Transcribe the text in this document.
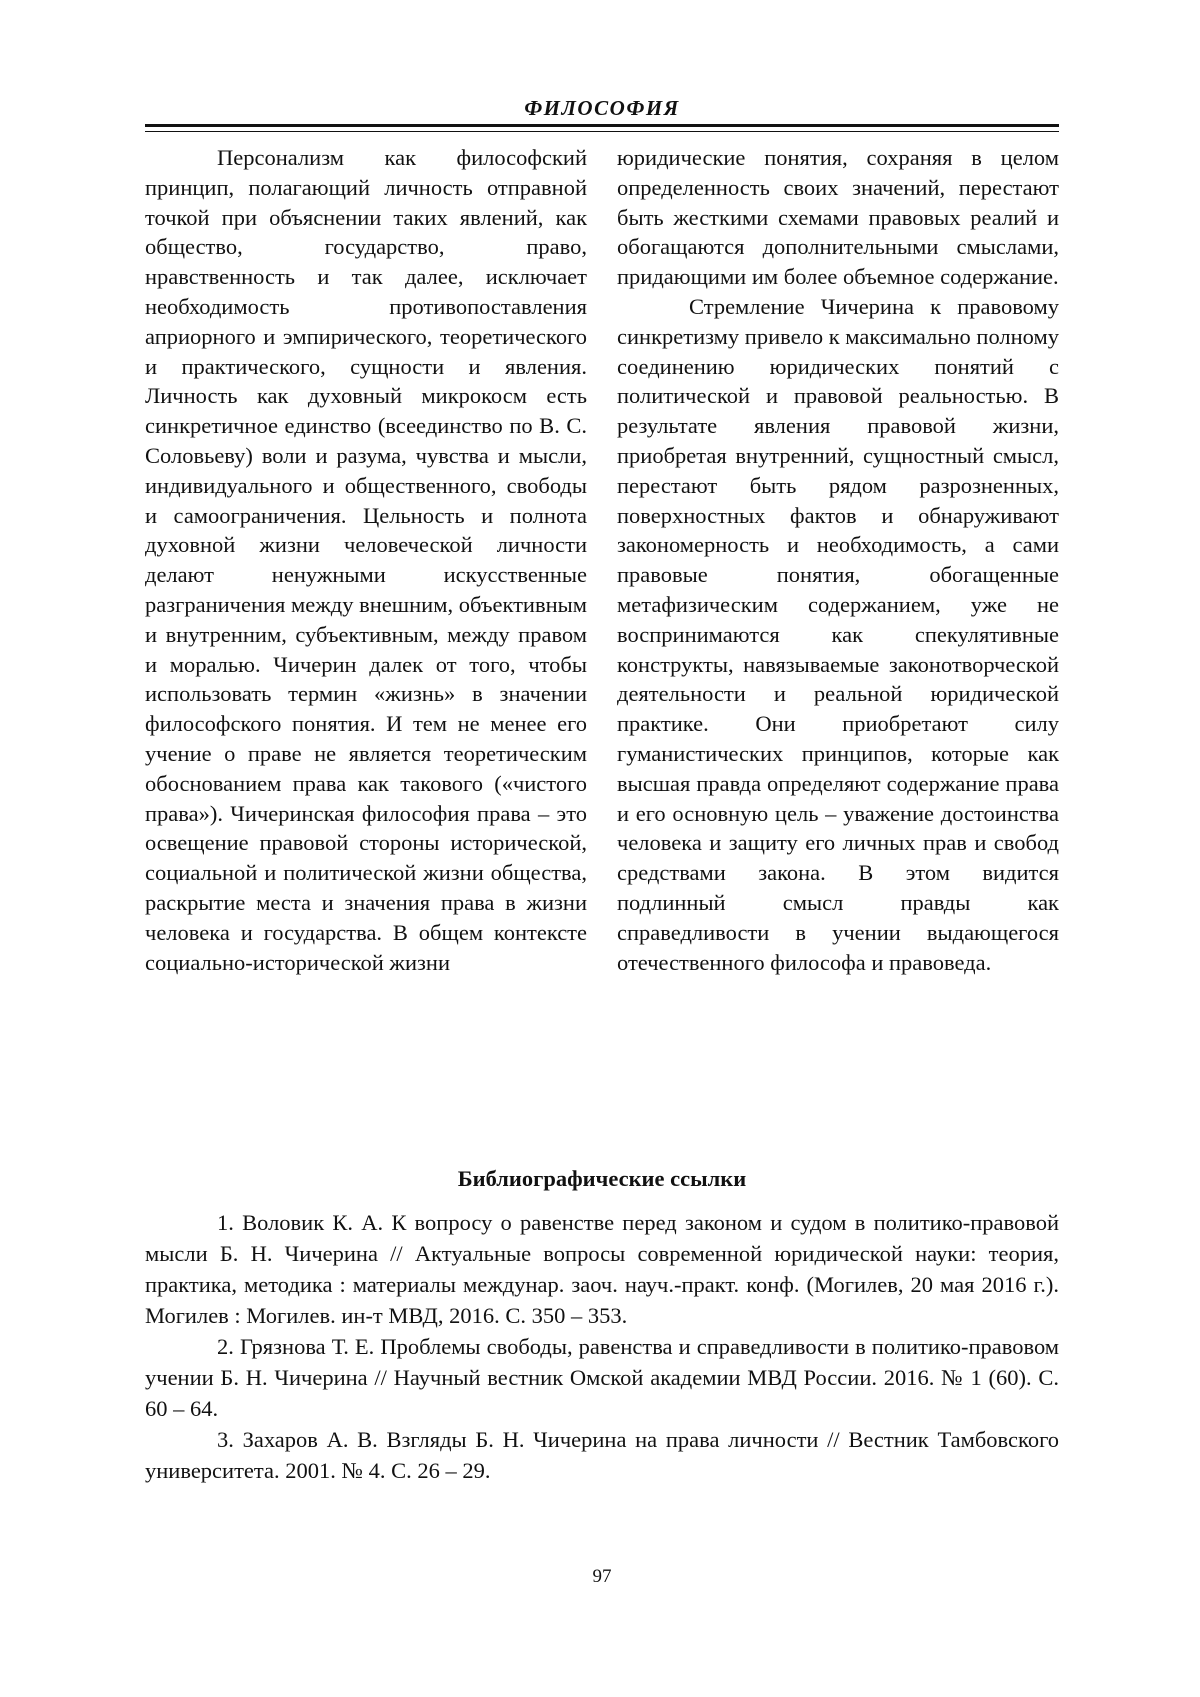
ФИЛОСОФИЯ

Персонализм как философский принцип, полагающий личность отправной точкой при объяснении таких явлений, как общество, государство, право, нравственность и так далее, исключает необходимость противопоставления априорного и эмпирического, теоретического и практического, сущности и явления. Личность как духовный микрокосм есть синкретичное единство (всеединство по В. С. Соловьеву) воли и разума, чувства и мысли, индивидуального и общественного, свободы и самоограничения. Цельность и полнота духовной жизни человеческой личности делают ненужными искусственные разграничения между внешним, объективным и внутренним, субъективным, между правом и моралью. Чичерин далек от того, чтобы использовать термин «жизнь» в значении философского понятия. И тем не менее его учение о праве не является теоретическим обоснованием права как такового («чистого права»). Чичеринская философия права – это освещение правовой стороны исторической, социальной и политической жизни общества, раскрытие места и значения права в жизни человека и государства. В общем контексте социально-исторической жизни

юридические понятия, сохраняя в целом определенность своих значений, перестают быть жесткими схемами правовых реалий и обогащаются дополнительными смыслами, придающими им более объемное содержание.

Стремление Чичерина к правовому синкретизму привело к максимально полному соединению юридических понятий с политической и правовой реальностью. В результате явления правовой жизни, приобретая внутренний, сущностный смысл, перестают быть рядом разрозненных, поверхностных фактов и обнаруживают закономерность и необходимость, а сами правовые понятия, обогащенные метафизическим содержанием, уже не воспринимаются как спекулятивные конструкты, навязываемые законотворческой деятельности и реальной юридической практике. Они приобретают силу гуманистических принципов, которые как высшая правда определяют содержание права и его основную цель – уважение достоинства человека и защиту его личных прав и свобод средствами закона. В этом видится подлинный смысл правды как справедливости в учении выдающегося отечественного философа и правоведа.

Библиографические ссылки

1. Воловик К. А. К вопросу о равенстве перед законом и судом в политико-правовой мысли Б. Н. Чичерина // Актуальные вопросы современной юридической науки: теория, практика, методика : материалы междунар. заоч. науч.-практ. конф. (Могилев, 20 мая 2016 г.). Могилев : Могилев. ин-т МВД, 2016. С. 350 – 353.

2. Грязнова Т. Е. Проблемы свободы, равенства и справедливости в политико-правовом учении Б. Н. Чичерина // Научный вестник Омской академии МВД России. 2016. № 1 (60). С. 60 – 64.

3. Захаров А. В. Взгляды Б. Н. Чичерина на права личности // Вестник Тамбовского университета. 2001. № 4. С. 26 – 29.

97
